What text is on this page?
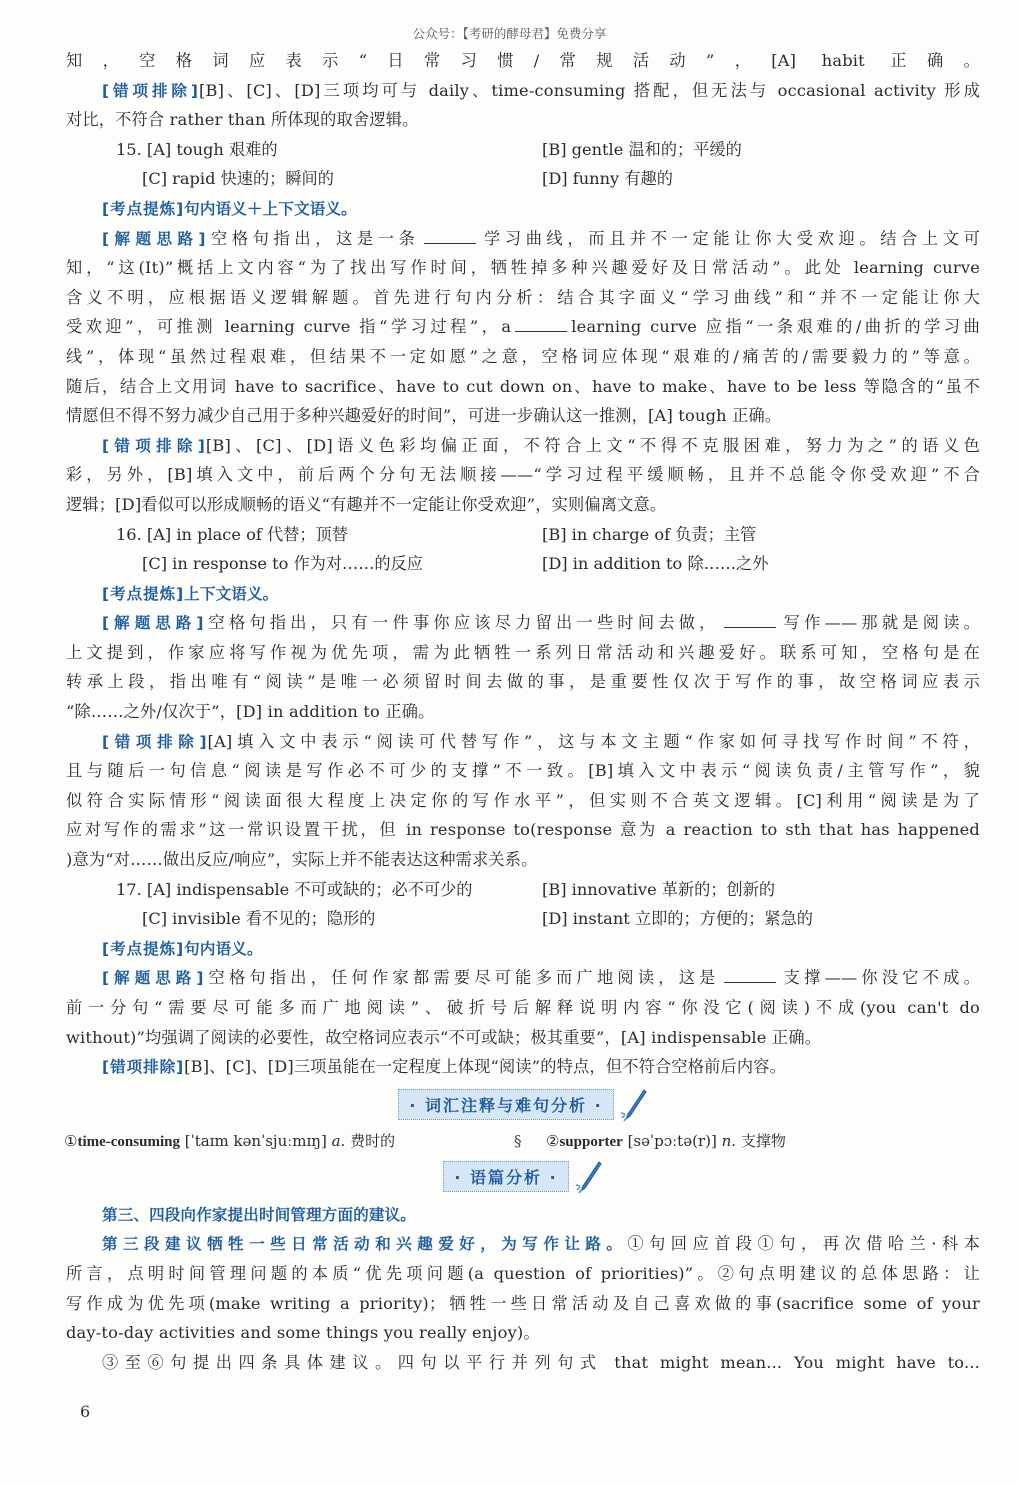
公众号：【考研的酵母君】免费分享
知，空格词应表示“日常习惯/常规活动”，[A] habit 正确。
[错项排除][B]、[C]、[D]三项均可与 daily、time-consuming 搭配，但无法与 occasional activity 形成
对比，不符合 rather than 所体现的取舍逻辑。
15. [A] tough 艰难的	[B] gentle 温和的；平缓的
[C] rapid 快速的；瞬间的	[D] funny 有趣的
[考点提炼]句内语义＋上下文语义。
[解题思路]空格句指出，这是一条	学习曲线，而且并不一定能让你大受欢迎。结合上文可
知，“这(It)”概括上文内容“为了找出写作时间，牺牲掉多种兴趣爱好及日常活动”。此处 learning curve
含义不明，应根据语义逻辑解题。首先进行句内分析：结合其字面义“学习曲线”和“并不一定能让你大
受欢迎”，可推测 learning curve 指“学习过程”，a	learning curve 应指“一条艰难的/曲折的学习曲
线”，体现“虽然过程艰难，但结果不一定如愿”之意，空格词应体现“艰难的/痛苦的/需要毅力的”等意。
随后，结合上文用词 have to sacrifice、have to cut down on、have to make、have to be less 等隐含的“虽不
情愿但不得不努力减少自己用于多种兴趣爱好的时间”，可进一步确认这一推测，[A] tough 正确。
[错项排除][B]、[C]、[D]语义色彩均偏正面，不符合上文“不得不克服困难，努力为之”的语义色
彩，另外，[B]填入文中，前后两个分句无法顺接——“学习过程平缓顺畅，且并不总能令你受欢迎”不合
逻辑；[D]看似可以形成顺畅的语义“有趣并不一定能让你受欢迎”，实则偏离文意。
16. [A] in place of 代替；顶替	[B] in charge of 负责；主管
[C] in response to 作为对……的反应	[D] in addition to 除……之外
[考点提炼]上下文语义。
[解题思路]空格句指出，只有一件事你应该尽力留出一些时间去做，	写作——那就是阅读。
上文提到，作家应将写作视为优先项，需为此牺牲一系列日常活动和兴趣爱好。联系可知，空格句是在
转承上段，指出唯有“阅读”是唯一必须留时间去做的事，是重要性仅次于写作的事，故空格词应表示
“除……之外/仅次于”，[D] in addition to 正确。
[错项排除][A]填入文中表示“阅读可代替写作”，这与本文主题“作家如何寻找写作时间”不符，
且与随后一句信息“阅读是写作必不可少的支撑”不一致。[B]填入文中表示“阅读负责/主管写作”，貌
似符合实际情形“阅读面很大程度上决定你的写作水平”，但实则不合英文逻辑。[C]利用“阅读是为了
应对写作的需求”这一常识设置干扰，但 in response to(response 意为 a reaction to sth that has happened
)意为“对……做出反应/响应”，实际上并不能表达这种需求关系。
17. [A] indispensable 不可或缺的；必不可少的	[B] innovative 革新的；创新的
[C] invisible 看不见的；隐形的	[D] instant 立即的；方便的；紧急的
[考点提炼]句内语义。
[解题思路]空格句指出，任何作家都需要尽可能多而广地阅读，这是	支撑——你没它不成。
前一分句“需要尽可能多而广地阅读”、破折号后解释说明内容“你没它(阅读)不成(you can't do
without)”均强调了阅读的必要性，故空格词应表示“不可或缺；极其重要”，[A] indispensable 正确。
[错项排除][B]、[C]、[D]三项虽能在一定程度上体现“阅读”的特点，但不符合空格前后内容。
· 词汇注释与难句分析 ·
①time-consuming [ˈtaɪm kənˈsjuːmɪŋ] a. 费时的	§ ②supporter [səˈpɔːtə(r)] n. 支撑物
· 语篇分析 ·
第三、四段向作家提出时间管理方面的建议。
第三段建议牺牲一些日常活动和兴趣爱好，为写作让路。①句回应首段①句，再次借哈兰·科本
所言，点明时间管理问题的本质“优先项问题(a question of priorities)”。②句点明建议的总体思路：让
写作成为优先项(make writing a priority)；牺牲一些日常活动及自己喜欢做的事(sacrifice some of your
day-to-day activities and some things you really enjoy)。
③至⑥句提出四条具体建议。四句以平行并列句式 that might mean... You might have to...
6
